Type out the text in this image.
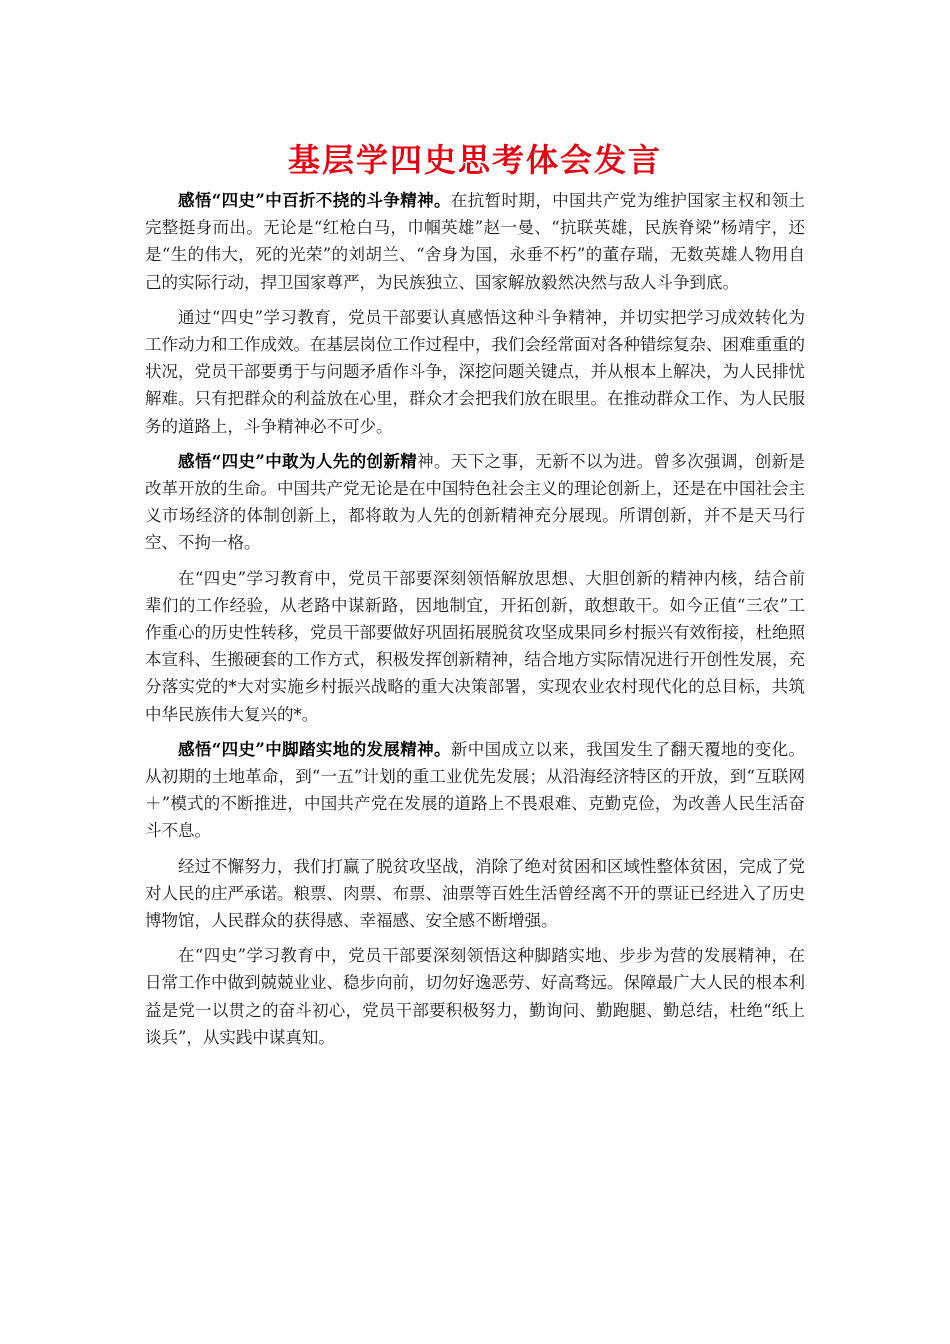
基层学四史思考体会发言

感悟“四史”中百折不挠的斗争精神。在抗暂时期，中国共产党为维护国家主权和领土完整挺身而出。无论是“红枪白马，巾帼英雄”赵一曼、“抗联英雄，民族脊梁”杨靖宇，还是“生的伟大，死的光荣”的刘胡兰、“舍身为国，永垂不朽”的董存瑞，无数英雄人物用自己的实际行动，捍卫国家尊严，为民族独立、国家解放毅然决然与敌人斗争到底。

通过“四史”学习教育，党员干部要认真感悟这种斗争精神，并切实把学习成效转化为工作动力和工作成效。在基层岗位工作过程中，我们会经常面对各种错综复杂、困难重重的状况，党员干部要勇于与问题矛盾作斗争，深挖问题关键点，并从根本上解决，为人民排忧解难。只有把群众的利益放在心里，群众才会把我们放在眼里。在推动群众工作、为人民服务的道路上，斗争精神必不可少。

感悟“四史”中敢为人先的创新精神。天下之事，无新不以为进。曾多次强调，创新是改革开放的生命。中国共产党无论是在中国特色社会主义的理论创新上，还是在中国社会主义市场经济的体制创新上，都将敢为人先的创新精神充分展现。所谓创新，并不是天马行空、不拘一格。

在“四史”学习教育中，党员干部要深刻领悟解放思想、大胆创新的精神内核，结合前辈们的工作经验，从老路中谋新路，因地制宜，开拓创新，敢想敢干。如今正值“三农”工作重心的历史性转移，党员干部要做好巩固拓展脱贫攻坚成果同乡村振兴有效衔接，杜绝照本宣科、生搬硬套的工作方式，积极发挥创新精神，结合地方实际情况进行开创性发展，充分落实党的*大对实施乡村振兴战略的重大决策部署，实现农业农村现代化的总目标，共筑中华民族伟大复兴的*。

感悟“四史”中脚踏实地的发展精神。新中国成立以来，我国发生了翻天覆地的变化。从初期的土地革命，到“一五”计划的重工业优先发展；从沿海经济特区的开放，到“互联网＋”模式的不断推进，中国共产党在发展的道路上不畏艰难、克勤克俭，为改善人民生活奋斗不息。

经过不懈努力，我们打赢了脱贫攻坚战，消除了绝对贫困和区域性整体贫困，完成了党对人民的庄严承诺。粮票、肉票、布票、油票等百姓生活曾经离不开的票证已经进入了历史博物馆，人民群众的获得感、幸福感、安全感不断增强。

在“四史”学习教育中，党员干部要深刻领悟这种脚踏实地、步步为营的发展精神，在日常工作中做到兢兢业业、稳步向前，切勿好逸恶劳、好高骛远。保障最广大人民的根本利益是党一以贯之的奋斗初心，党员干部要积极努力，勤询问、勤跑腿、勤总结，杜绝“纸上谈兵”，从实践中谋真知。
